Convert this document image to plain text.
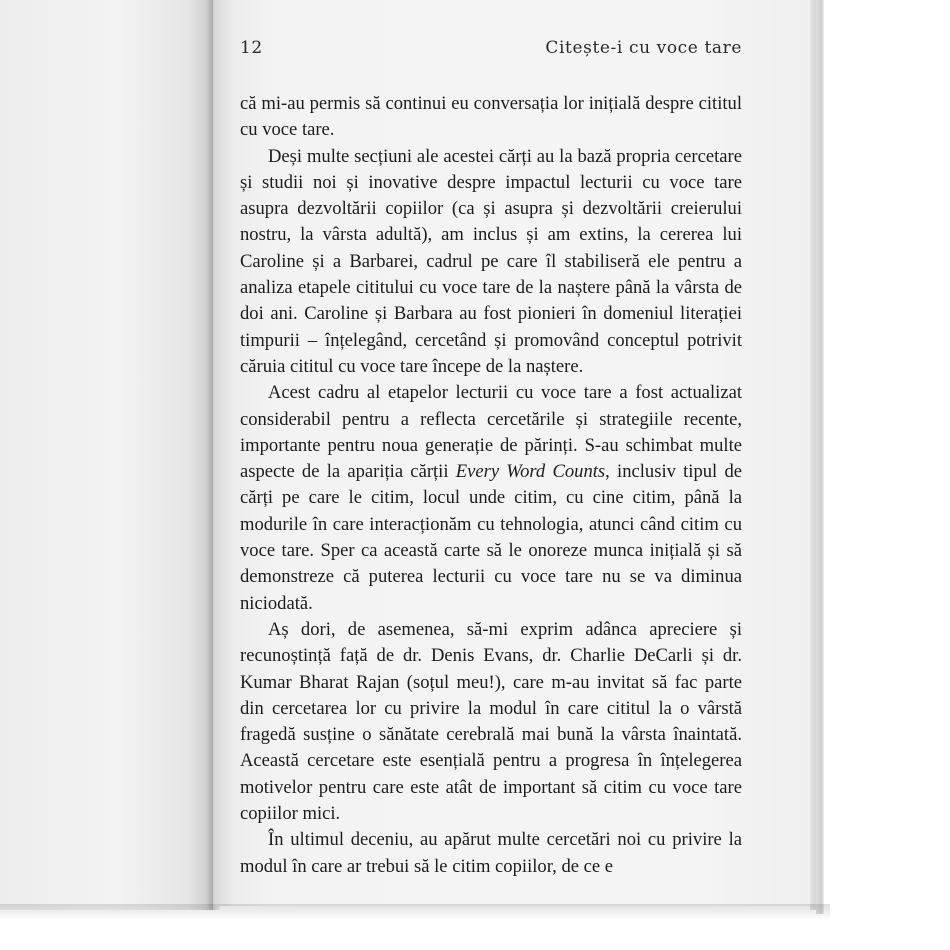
12	Citește-i cu voce tare

că mi-au permis să continui eu conversația lor inițială despre cititul cu voce tare.

Deși multe secțiuni ale acestei cărți au la bază propria cercetare și studii noi și inovative despre impactul lecturii cu voce tare asupra dezvoltării copiilor (ca și asupra și dezvoltării creierului nostru, la vârsta adultă), am inclus și am extins, la cererea lui Caroline și a Barbarei, cadrul pe care îl stabiliseră ele pentru a analiza etapele cititului cu voce tare de la naștere până la vârsta de doi ani. Caroline și Barbara au fost pionieri în domeniul literației timpurii – înțelegând, cercetând și promovând conceptul potrivit căruia cititul cu voce tare începe de la naștere.

Acest cadru al etapelor lecturii cu voce tare a fost actualizat considerabil pentru a reflecta cercetările și strategiile recente, importante pentru noua generație de părinți. S-au schimbat multe aspecte de la apariția cărții Every Word Counts, inclusiv tipul de cărți pe care le citim, locul unde citim, cu cine citim, până la modurile în care interacționăm cu tehnologia, atunci când citim cu voce tare. Sper ca această carte să le onoreze munca inițială și să demonstreze că puterea lecturii cu voce tare nu se va diminua niciodată.

Aș dori, de asemenea, să-mi exprim adânca apreciere și recunoștință față de dr. Denis Evans, dr. Charlie DeCarli și dr. Kumar Bharat Rajan (soțul meu!), care m-au invitat să fac parte din cercetarea lor cu privire la modul în care cititul la o vârstă fragedă susține o sănătate cerebrală mai bună la vârsta înaintată. Această cercetare este esențială pentru a progresa în înțelegerea motivelor pentru care este atât de important să citim cu voce tare copiilor mici.

În ultimul deceniu, au apărut multe cercetări noi cu privire la modul în care ar trebui să le citim copiilor, de ce e
